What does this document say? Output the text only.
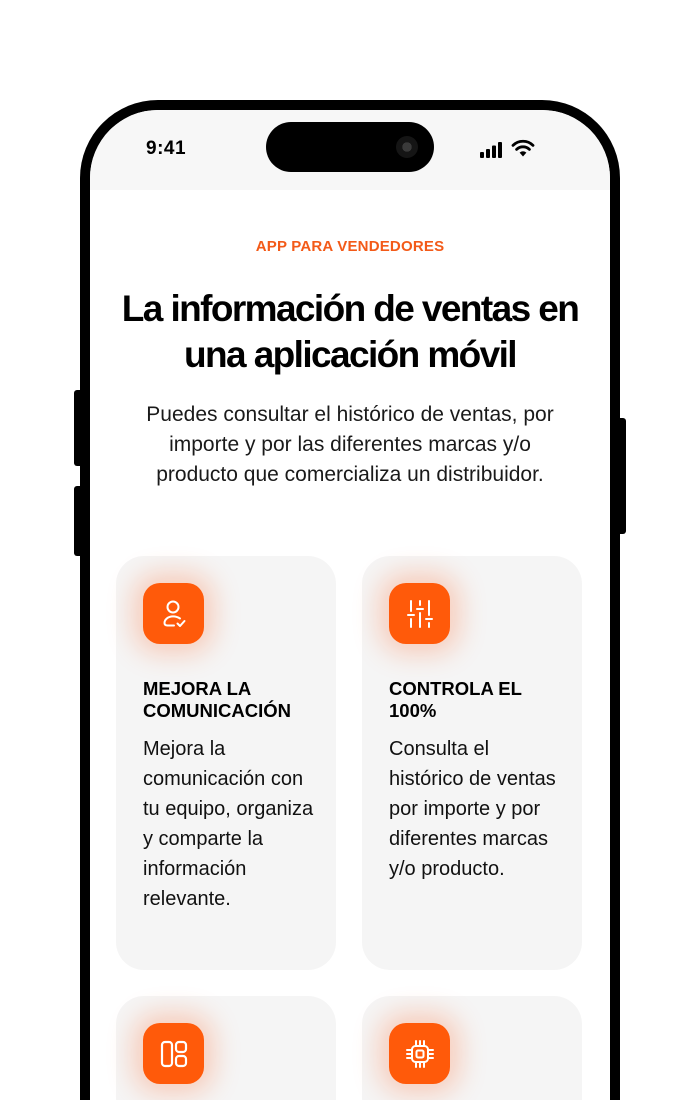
9:41
APP PARA VENDEDORES
La información de ventas en una aplicación móvil

Puedes consultar el histórico de ventas, por importe y por las diferentes marcas y/o producto que comercializa un distribuidor.

MEJORA LA COMUNICACIÓN
Mejora la comunicación con tu equipo, organiza y comparte la información relevante.
CONTROLA EL 100%
Consulta el histórico de ventas por importe y por diferentes marcas y/o producto.
